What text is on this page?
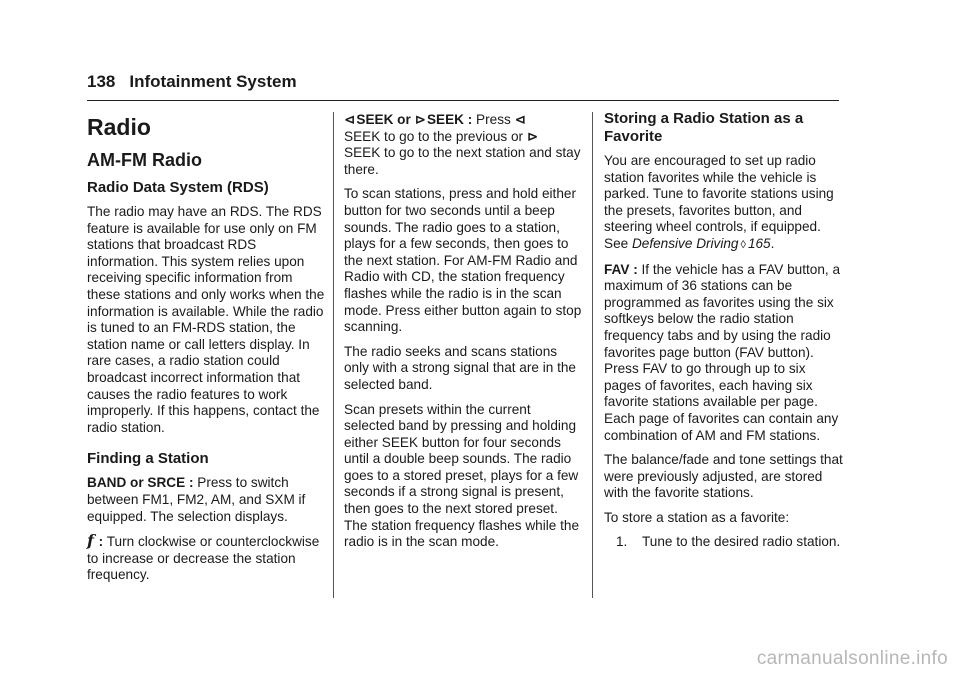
138 Infotainment System
Radio
AM-FM Radio
Radio Data System (RDS)

The radio may have an RDS. The RDS feature is available for use only on FM stations that broadcast RDS information. This system relies upon receiving specific information from these stations and only works when the information is available. While the radio is tuned to an FM-RDS station, the station name or call letters display. In rare cases, a radio station could broadcast incorrect information that causes the radio features to work improperly. If this happens, contact the radio station.

Finding a Station

BAND or SRCE : Press to switch between FM1, FM2, AM, and SXM if equipped. The selection displays.

f : Turn clockwise or counterclockwise to increase or decrease the station frequency.

⊲SEEK or ⊳SEEK : Press ⊲
SEEK to go to the previous or ⊳
SEEK to go to the next station and stay there.

To scan stations, press and hold either button for two seconds until a beep sounds. The radio goes to a station, plays for a few seconds, then goes to the next station. For AM-FM Radio and Radio with CD, the station frequency flashes while the radio is in the scan mode. Press either button again to stop scanning.

The radio seeks and scans stations only with a strong signal that are in the selected band.

Scan presets within the current selected band by pressing and holding either SEEK button for four seconds until a double beep sounds. The radio goes to a stored preset, plays for a few seconds if a strong signal is present, then goes to the next stored preset. The station frequency flashes while the radio is in the scan mode.

Storing a Radio Station as a Favorite

You are encouraged to set up radio station favorites while the vehicle is parked. Tune to favorite stations using the presets, favorites button, and steering wheel controls, if equipped. See Defensive Driving ◊ 165.

FAV : If the vehicle has a FAV button, a maximum of 36 stations can be programmed as favorites using the six softkeys below the radio station frequency tabs and by using the radio favorites page button (FAV button). Press FAV to go through up to six pages of favorites, each having six favorite stations available per page. Each page of favorites can contain any combination of AM and FM stations.

The balance/fade and tone settings that were previously adjusted, are stored with the favorite stations.

To store a station as a favorite:

1.	Tune to the desired radio station.
carmanualsonline.info
